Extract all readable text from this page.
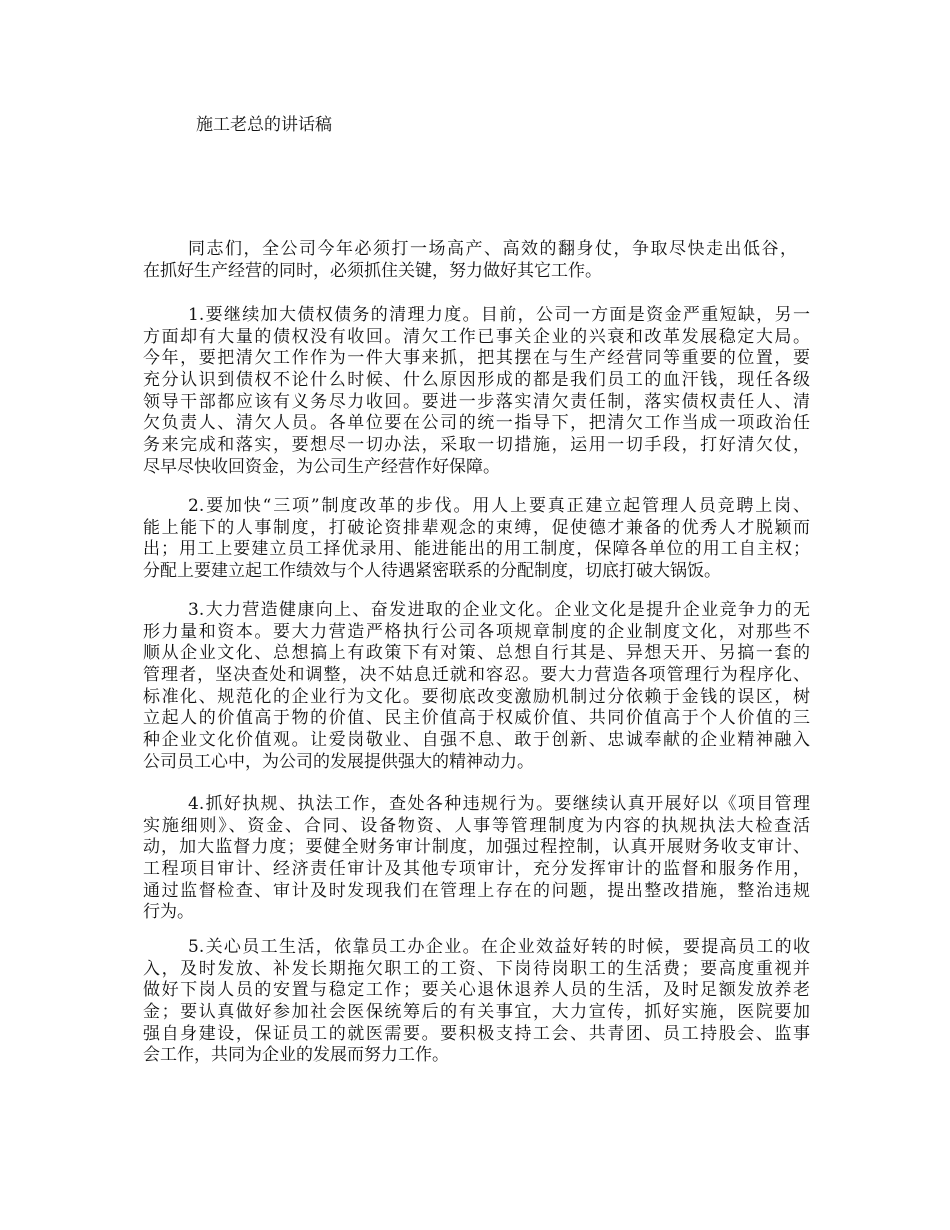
施工老总的讲话稿
同志们，全公司今年必须打一场高产、高效的翻身仗，争取尽快走出低谷，
在抓好生产经营的同时，必须抓住关键，努力做好其它工作。
1.要继续加大债权债务的清理力度。目前，公司一方面是资金严重短缺，另一
方面却有大量的债权没有收回。清欠工作已事关企业的兴衰和改革发展稳定大局。
今年，要把清欠工作作为一件大事来抓，把其摆在与生产经营同等重要的位置，要
充分认识到债权不论什么时候、什么原因形成的都是我们员工的血汗钱，现任各级
领导干部都应该有义务尽力收回。要进一步落实清欠责任制，落实债权责任人、清
欠负责人、清欠人员。各单位要在公司的统一指导下，把清欠工作当成一项政治任
务来完成和落实，要想尽一切办法，采取一切措施，运用一切手段，打好清欠仗，
尽早尽快收回资金，为公司生产经营作好保障。
2.要加快“三项”制度改革的步伐。用人上要真正建立起管理人员竞聘上岗、
能上能下的人事制度，打破论资排辈观念的束缚，促使德才兼备的优秀人才脱颖而
出；用工上要建立员工择优录用、能进能出的用工制度，保障各单位的用工自主权；
分配上要建立起工作绩效与个人待遇紧密联系的分配制度，切底打破大锅饭。
3.大力营造健康向上、奋发进取的企业文化。企业文化是提升企业竞争力的无
形力量和资本。要大力营造严格执行公司各项规章制度的企业制度文化，对那些不
顺从企业文化、总想搞上有政策下有对策、总想自行其是、异想天开、另搞一套的
管理者，坚决查处和调整，决不姑息迁就和容忍。要大力营造各项管理行为程序化、
标准化、规范化的企业行为文化。要彻底改变激励机制过分依赖于金钱的误区，树
立起人的价值高于物的价值、民主价值高于权威价值、共同价值高于个人价值的三
种企业文化价值观。让爱岗敬业、自强不息、敢于创新、忠诚奉献的企业精神融入
公司员工心中，为公司的发展提供强大的精神动力。
4.抓好执规、执法工作，查处各种违规行为。要继续认真开展好以《项目管理
实施细则》、资金、合同、设备物资、人事等管理制度为内容的执规执法大检查活
动，加大监督力度；要健全财务审计制度，加强过程控制，认真开展财务收支审计、
工程项目审计、经济责任审计及其他专项审计，充分发挥审计的监督和服务作用，
通过监督检查、审计及时发现我们在管理上存在的问题，提出整改措施，整治违规
行为。
5.关心员工生活，依靠员工办企业。在企业效益好转的时候，要提高员工的收
入，及时发放、补发长期拖欠职工的工资、下岗待岗职工的生活费；要高度重视并
做好下岗人员的安置与稳定工作；要关心退休退养人员的生活，及时足额发放养老
金；要认真做好参加社会医保统筹后的有关事宜，大力宣传，抓好实施，医院要加
强自身建设，保证员工的就医需要。要积极支持工会、共青团、员工持股会、监事
会工作，共同为企业的发展而努力工作。
